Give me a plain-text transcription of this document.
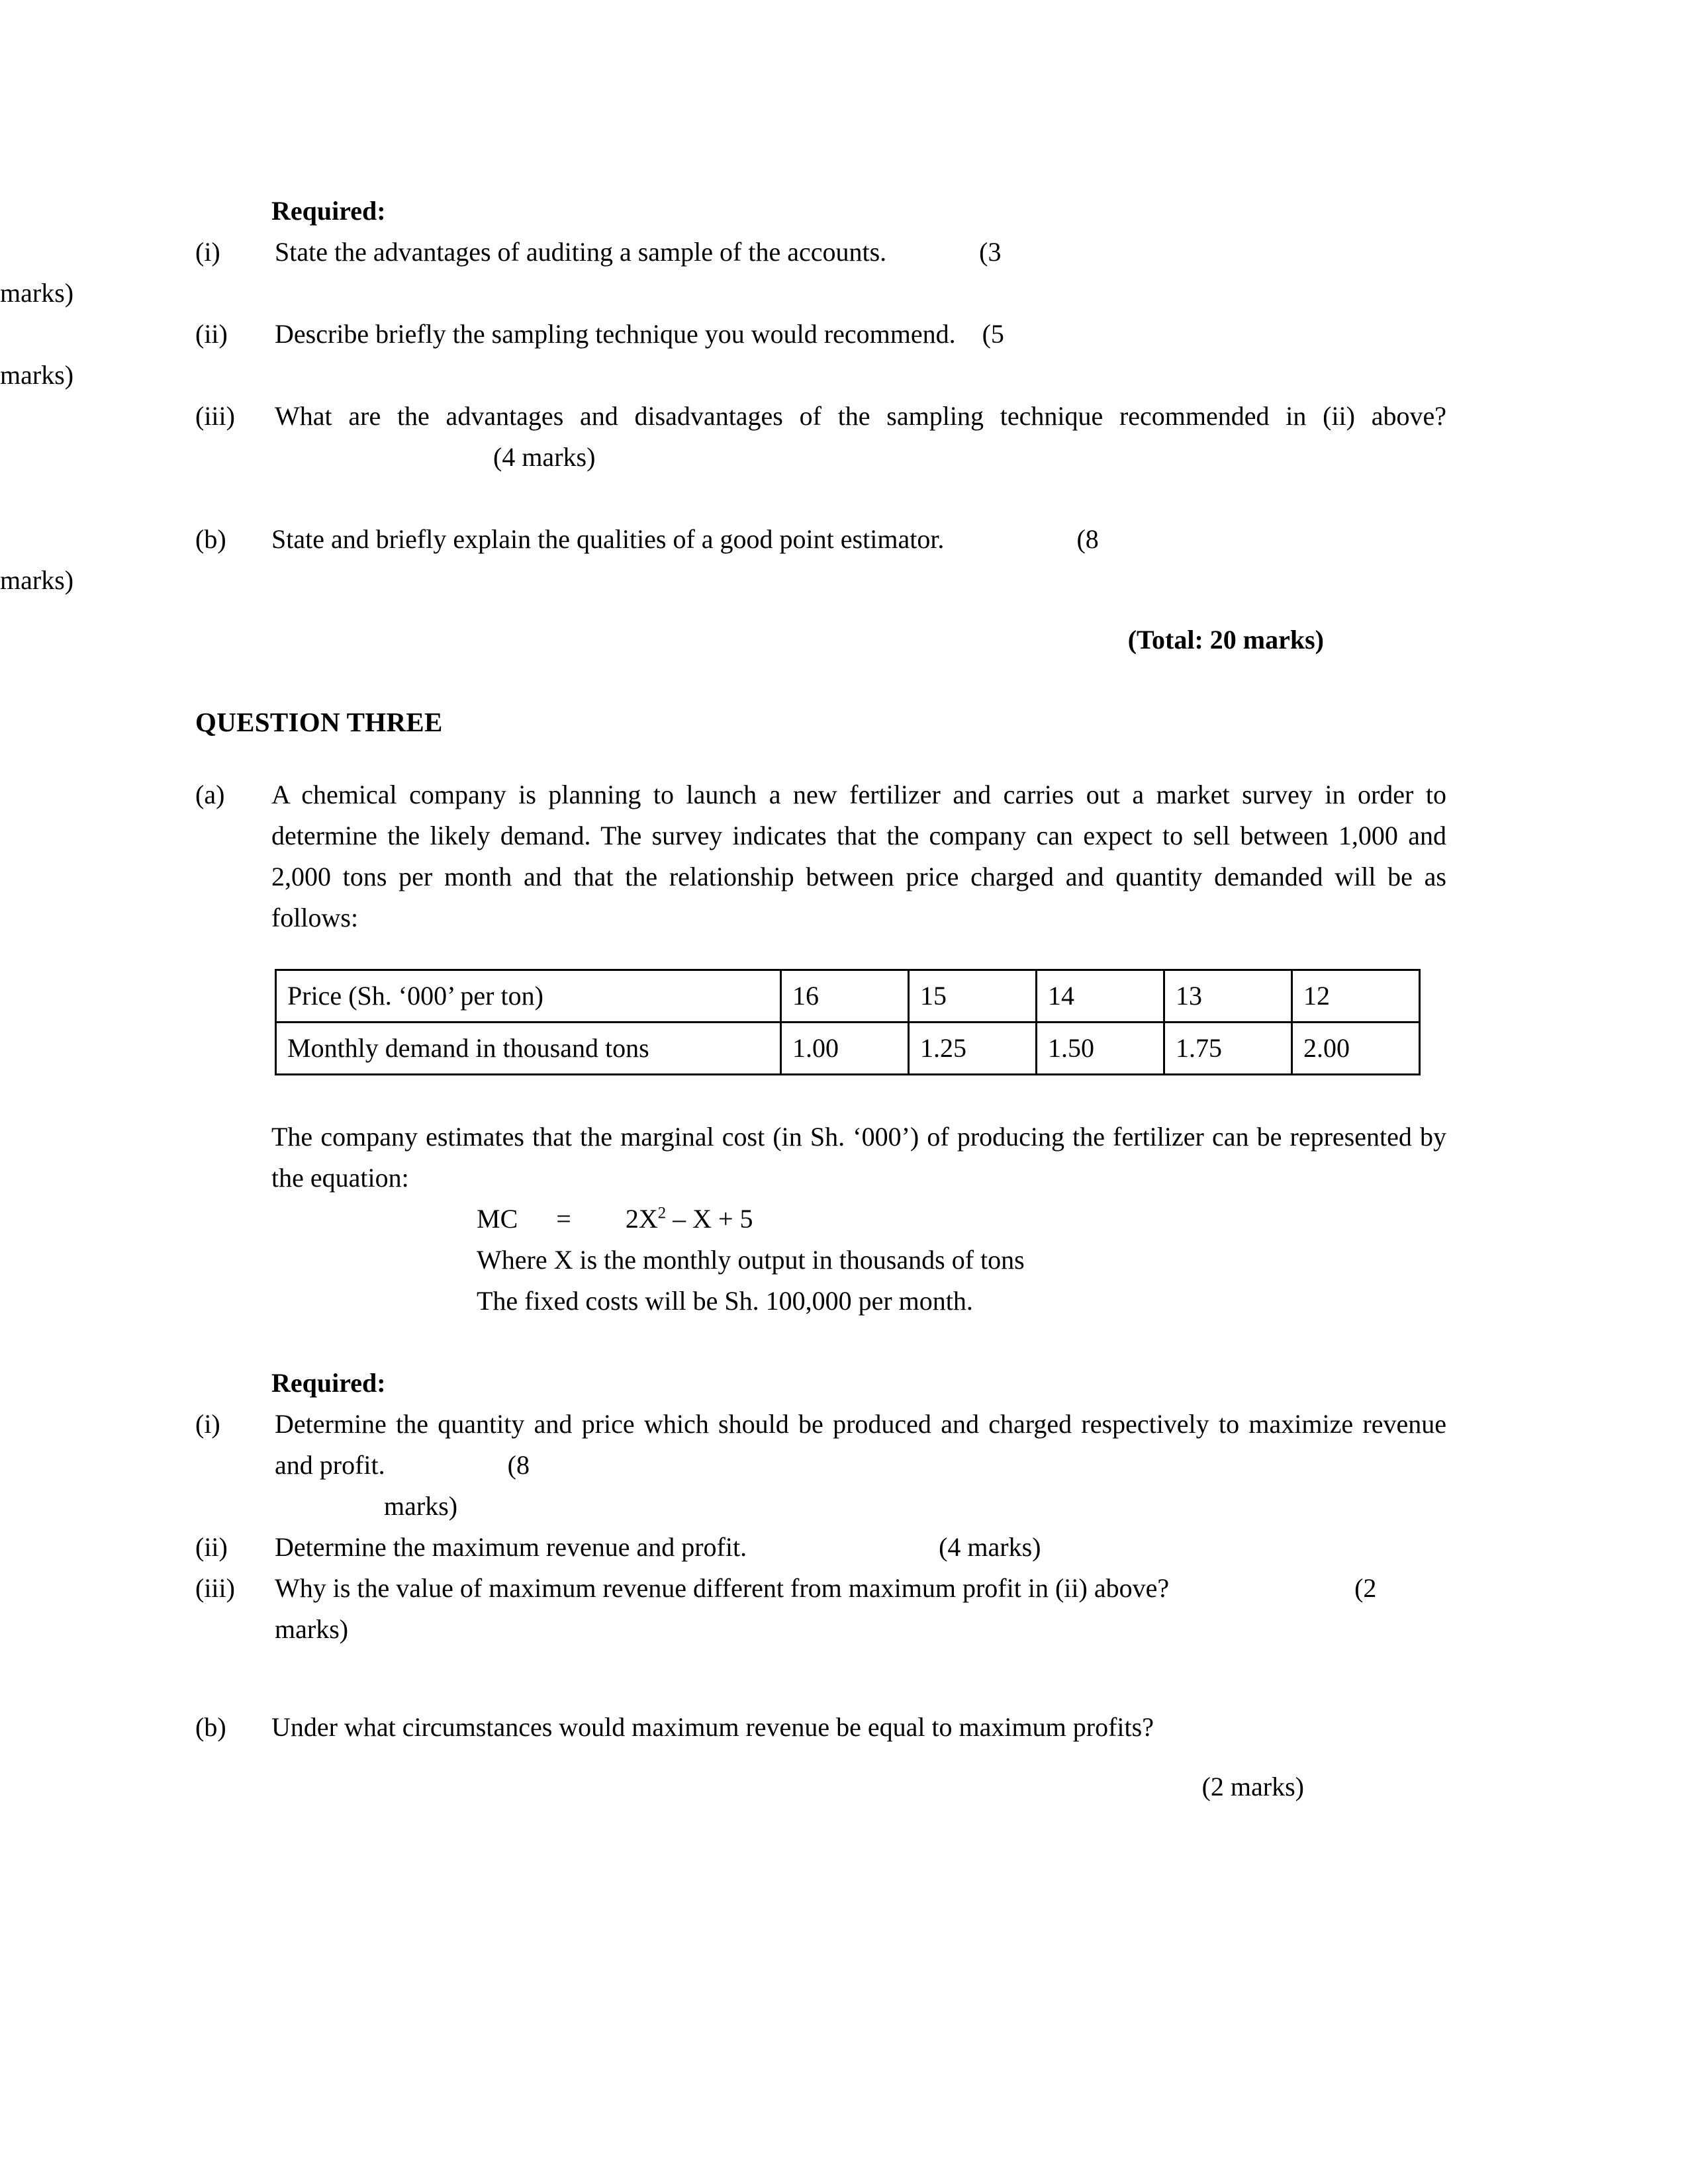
Required:
(i)	State the advantages of auditing a sample of the accounts.	(3
marks)
(ii)	Describe briefly the sampling technique you would recommend. (5
marks)
(iii)	What are the advantages and disadvantages of the sampling technique recommended in (ii) above?(4 marks)
(b)	State and briefly explain the qualities of a good point estimator.	(8
marks)
(Total: 20 marks)
QUESTION THREE
(a)	A chemical company is planning to launch a new fertilizer and carries out a market survey in order to determine the likely demand. The survey indicates that the company can expect to sell between 1,000 and 2,000 tons per month and that the relationship between price charged and quantity demanded will be as follows:
Price (Sh. ‘000’ per ton)	16	15	14	13	12
Monthly demand in thousand tons	1.00	1.25	1.50	1.75	2.00
The company estimates that the marginal cost (in Sh. ‘000’) of producing the fertilizer can be represented by the equation:
MC = $2X^2 - X + 5$
Where X is the monthly output in thousands of tons
The fixed costs will be Sh. 100,000 per month.
Required:
(i)	Determine the quantity and price which should be produced and charged respectively to maximize revenue and profit.	(8
marks)
(ii)	Determine the maximum revenue and profit.	(4 marks)
(iii)	Why is the value of maximum revenue different from maximum profit in (ii) above?	(2 marks)
(b)	Under what circumstances would maximum revenue be equal to maximum profits?
(2 marks)
